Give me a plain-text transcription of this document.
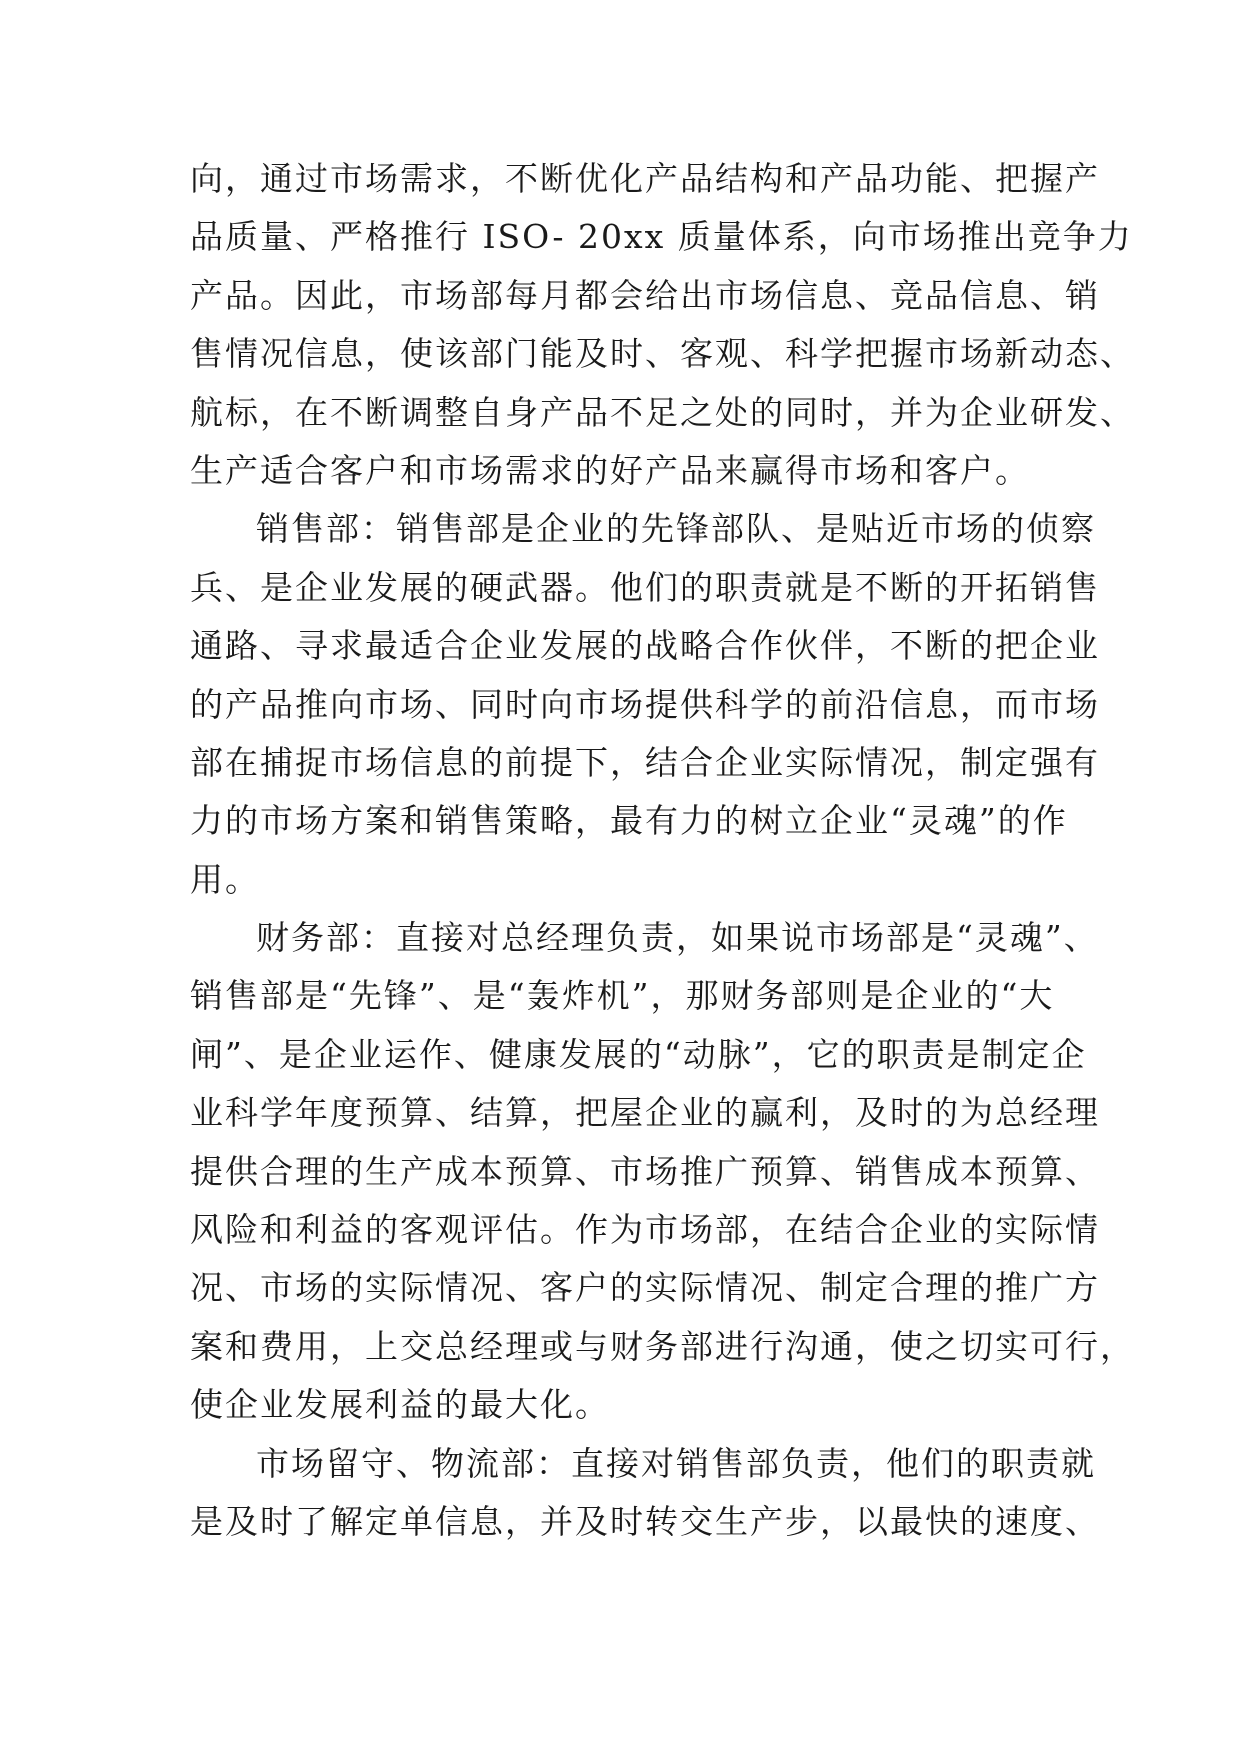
向，通过市场需求，不断优化产品结构和产品功能、把握产
品质量、严格推行 ISO- 20xx 质量体系，向市场推出竞争力
产品。因此，市场部每月都会给出市场信息、竞品信息、销
售情况信息，使该部门能及时、客观、科学把握市场新动态、
航标，在不断调整自身产品不足之处的同时，并为企业研发、
生产适合客户和市场需求的好产品来赢得市场和客户。
销售部：销售部是企业的先锋部队、是贴近市场的侦察
兵、是企业发展的硬武器。他们的职责就是不断的开拓销售
通路、寻求最适合企业发展的战略合作伙伴，不断的把企业
的产品推向市场、同时向市场提供科学的前沿信息，而市场
部在捕捉市场信息的前提下，结合企业实际情况，制定强有
力的市场方案和销售策略，最有力的树立企业“灵魂”的作
用。
财务部：直接对总经理负责，如果说市场部是“灵魂”、
销售部是“先锋”、是“轰炸机”，那财务部则是企业的“大
闸”、是企业运作、健康发展的“动脉”，它的职责是制定企
业科学年度预算、结算，把屋企业的赢利，及时的为总经理
提供合理的生产成本预算、市场推广预算、销售成本预算、
风险和利益的客观评估。作为市场部，在结合企业的实际情
况、市场的实际情况、客户的实际情况、制定合理的推广方
案和费用，上交总经理或与财务部进行沟通，使之切实可行，
使企业发展利益的最大化。
市场留守、物流部：直接对销售部负责，他们的职责就
是及时了解定单信息，并及时转交生产步，以最快的速度、
